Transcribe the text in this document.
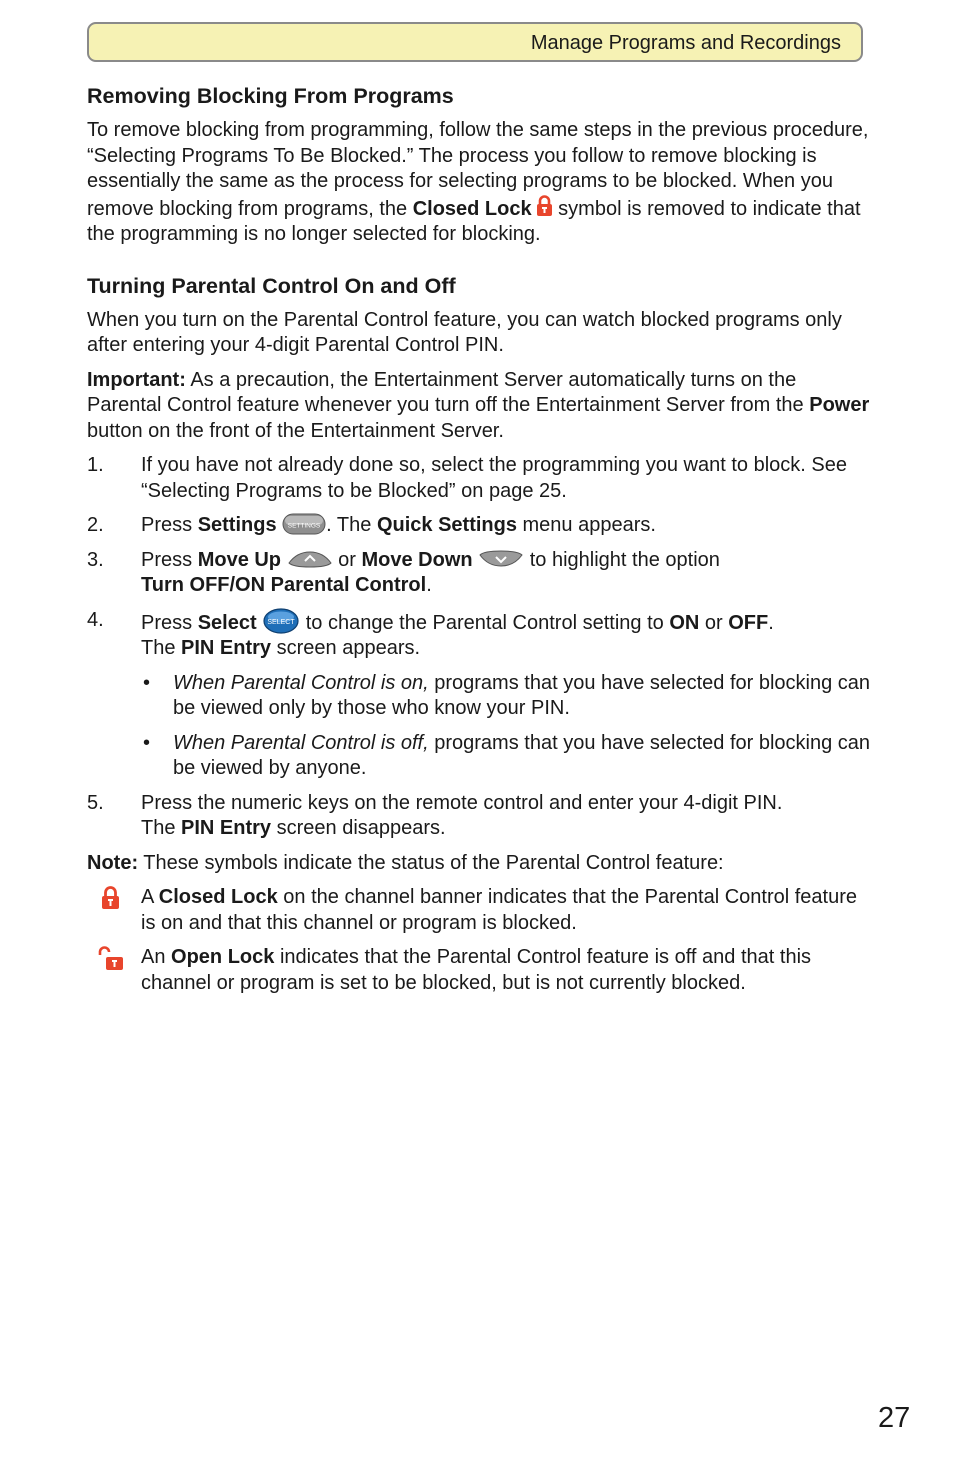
Manage Programs and Recordings
Removing Blocking From Programs

To remove blocking from programming, follow the same steps in the previous procedure, “Selecting Programs To Be Blocked.” The process you follow to remove blocking is essentially the same as the process for selecting programs to be blocked. When you remove blocking from programs, the Closed Lock
symbol is removed to indicate that the programming is no longer selected for blocking.

Turning Parental Control On and Off

When you turn on the Parental Control feature, you can watch blocked programs only after entering your 4-digit Parental Control PIN.

Important: As a precaution, the Entertainment Server automatically turns on the Parental Control feature whenever you turn off the Entertainment Server from the Power button on the front of the Entertainment Server.

1. If you have not already done so, select the programming you want to block. See “Selecting Programs to be Blocked” on page 25.
2. Press Settings SETTINGS . The Quick Settings menu appears.
3. Press Move Up	or Move Down	to highlight the option
Turn OFF/ON Parental Control.
4. Press Select SELECT to change the Parental Control setting to ON or OFF.
The PIN Entry screen appears.
• When Parental Control is on, programs that you have selected for blocking can be viewed only by those who know your PIN.
• When Parental Control is off, programs that you have selected for blocking can be viewed by anyone.
5. Press the numeric keys on the remote control and enter your 4-digit PIN.
The PIN Entry screen disappears.

Note: These symbols indicate the status of the Parental Control feature:

A Closed Lock on the channel banner indicates that the Parental Control feature is on and that this channel or program is blocked.
An Open Lock indicates that the Parental Control feature is off and that this channel or program is set to be blocked, but is not currently blocked.
27
